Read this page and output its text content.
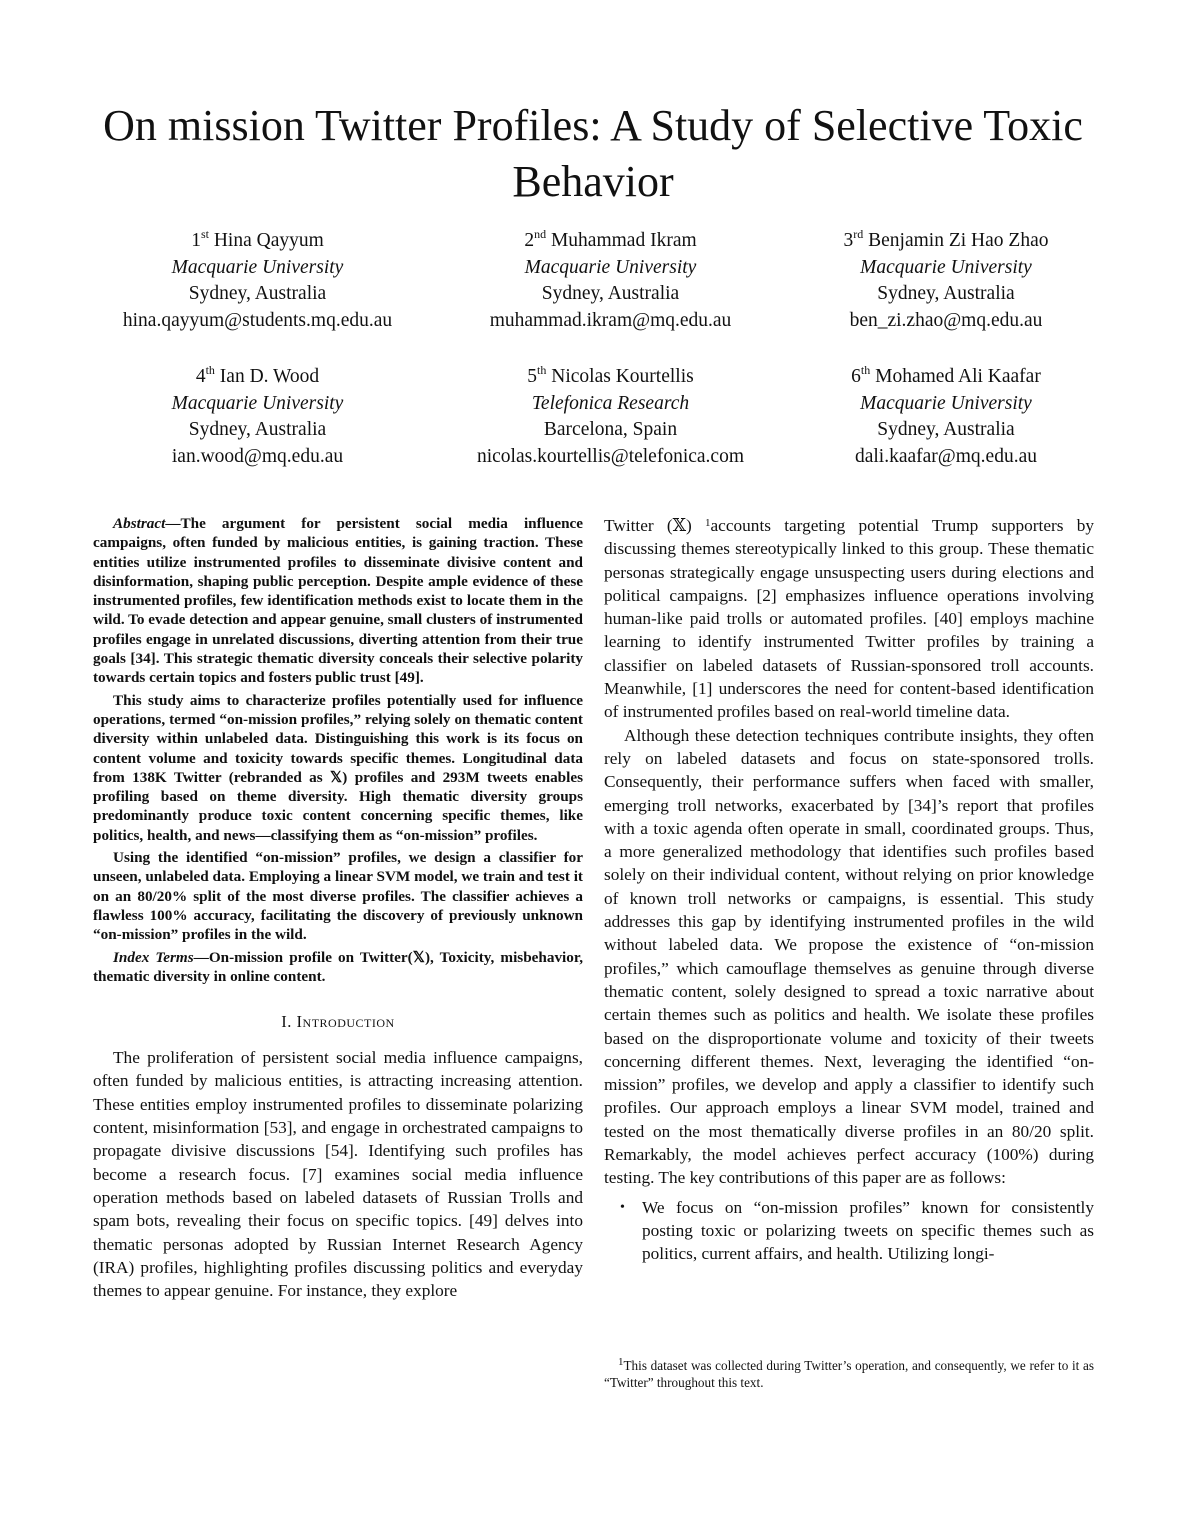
On mission Twitter Profiles: A Study of Selective Toxic Behavior
1st Hina Qayyum
Macquarie University
Sydney, Australia
hina.qayyum@students.mq.edu.au
2nd Muhammad Ikram
Macquarie University
Sydney, Australia
muhammad.ikram@mq.edu.au
3rd Benjamin Zi Hao Zhao
Macquarie University
Sydney, Australia
ben_zi.zhao@mq.edu.au
4th Ian D. Wood
Macquarie University
Sydney, Australia
ian.wood@mq.edu.au
5th Nicolas Kourtellis
Telefonica Research
Barcelona, Spain
nicolas.kourtellis@telefonica.com
6th Mohamed Ali Kaafar
Macquarie University
Sydney, Australia
dali.kaafar@mq.edu.au

Abstract—The argument for persistent social media influence campaigns, often funded by malicious entities, is gaining traction. These entities utilize instrumented profiles to disseminate divisive content and disinformation, shaping public perception. Despite ample evidence of these instrumented profiles, few identification methods exist to locate them in the wild. To evade detection and appear genuine, small clusters of instrumented profiles engage in unrelated discussions, diverting attention from their true goals [34]. This strategic thematic diversity conceals their selective polarity towards certain topics and fosters public trust [49].

This study aims to characterize profiles potentially used for influence operations, termed “on-mission profiles,” relying solely on thematic content diversity within unlabeled data. Distinguishing this work is its focus on content volume and toxicity towards specific themes. Longitudinal data from 138K Twitter (rebranded as 𝕏) profiles and 293M tweets enables profiling based on theme diversity. High thematic diversity groups predominantly produce toxic content concerning specific themes, like politics, health, and news—classifying them as “on-mission” profiles.

Using the identified “on-mission” profiles, we design a classifier for unseen, unlabeled data. Employing a linear SVM model, we train and test it on an 80/20% split of the most diverse profiles. The classifier achieves a flawless 100% accuracy, facilitating the discovery of previously unknown “on-mission” profiles in the wild.

Index Terms—On-mission profile on Twitter(𝕏), Toxicity, misbehavior, thematic diversity in online content.

I. Introduction

The proliferation of persistent social media influence campaigns, often funded by malicious entities, is attracting increasing attention. These entities employ instrumented profiles to disseminate polarizing content, misinformation [53], and engage in orchestrated campaigns to propagate divisive discussions [54]. Identifying such profiles has become a research focus. [7] examines social media influence operation methods based on labeled datasets of Russian Trolls and spam bots, revealing their focus on specific topics. [49] delves into thematic personas adopted by Russian Internet Research Agency (IRA) profiles, highlighting profiles discussing politics and everyday themes to appear genuine. For instance, they explore

Twitter (𝕏) $^1$accounts targeting potential Trump supporters by discussing themes stereotypically linked to this group. These thematic personas strategically engage unsuspecting users during elections and political campaigns. [2] emphasizes influence operations involving human-like paid trolls or automated profiles. [40] employs machine learning to identify instrumented Twitter profiles by training a classifier on labeled datasets of Russian-sponsored troll accounts. Meanwhile, [1] underscores the need for content-based identification of instrumented profiles based on real-world timeline data.

Although these detection techniques contribute insights, they often rely on labeled datasets and focus on state-sponsored trolls. Consequently, their performance suffers when faced with smaller, emerging troll networks, exacerbated by [34]’s report that profiles with a toxic agenda often operate in small, coordinated groups. Thus, a more generalized methodology that identifies such profiles based solely on their individual content, without relying on prior knowledge of known troll networks or campaigns, is essential. This study addresses this gap by identifying instrumented profiles in the wild without labeled data. We propose the existence of “on-mission profiles,” which camouflage themselves as genuine through diverse thematic content, solely designed to spread a toxic narrative about certain themes such as politics and health. We isolate these profiles based on the disproportionate volume and toxicity of their tweets concerning different themes. Next, leveraging the identified “on-mission” profiles, we develop and apply a classifier to identify such profiles. Our approach employs a linear SVM model, trained and tested on the most thematically diverse profiles in an 80/20 split. Remarkably, the model achieves perfect accuracy (100%) during testing. The key contributions of this paper are as follows:

• We focus on “on-mission profiles” known for consistently posting toxic or polarizing tweets on specific themes such as politics, current affairs, and health. Utilizing longi-
$^1$This dataset was collected during Twitter’s operation, and consequently, we refer to it as “Twitter” throughout this text.
